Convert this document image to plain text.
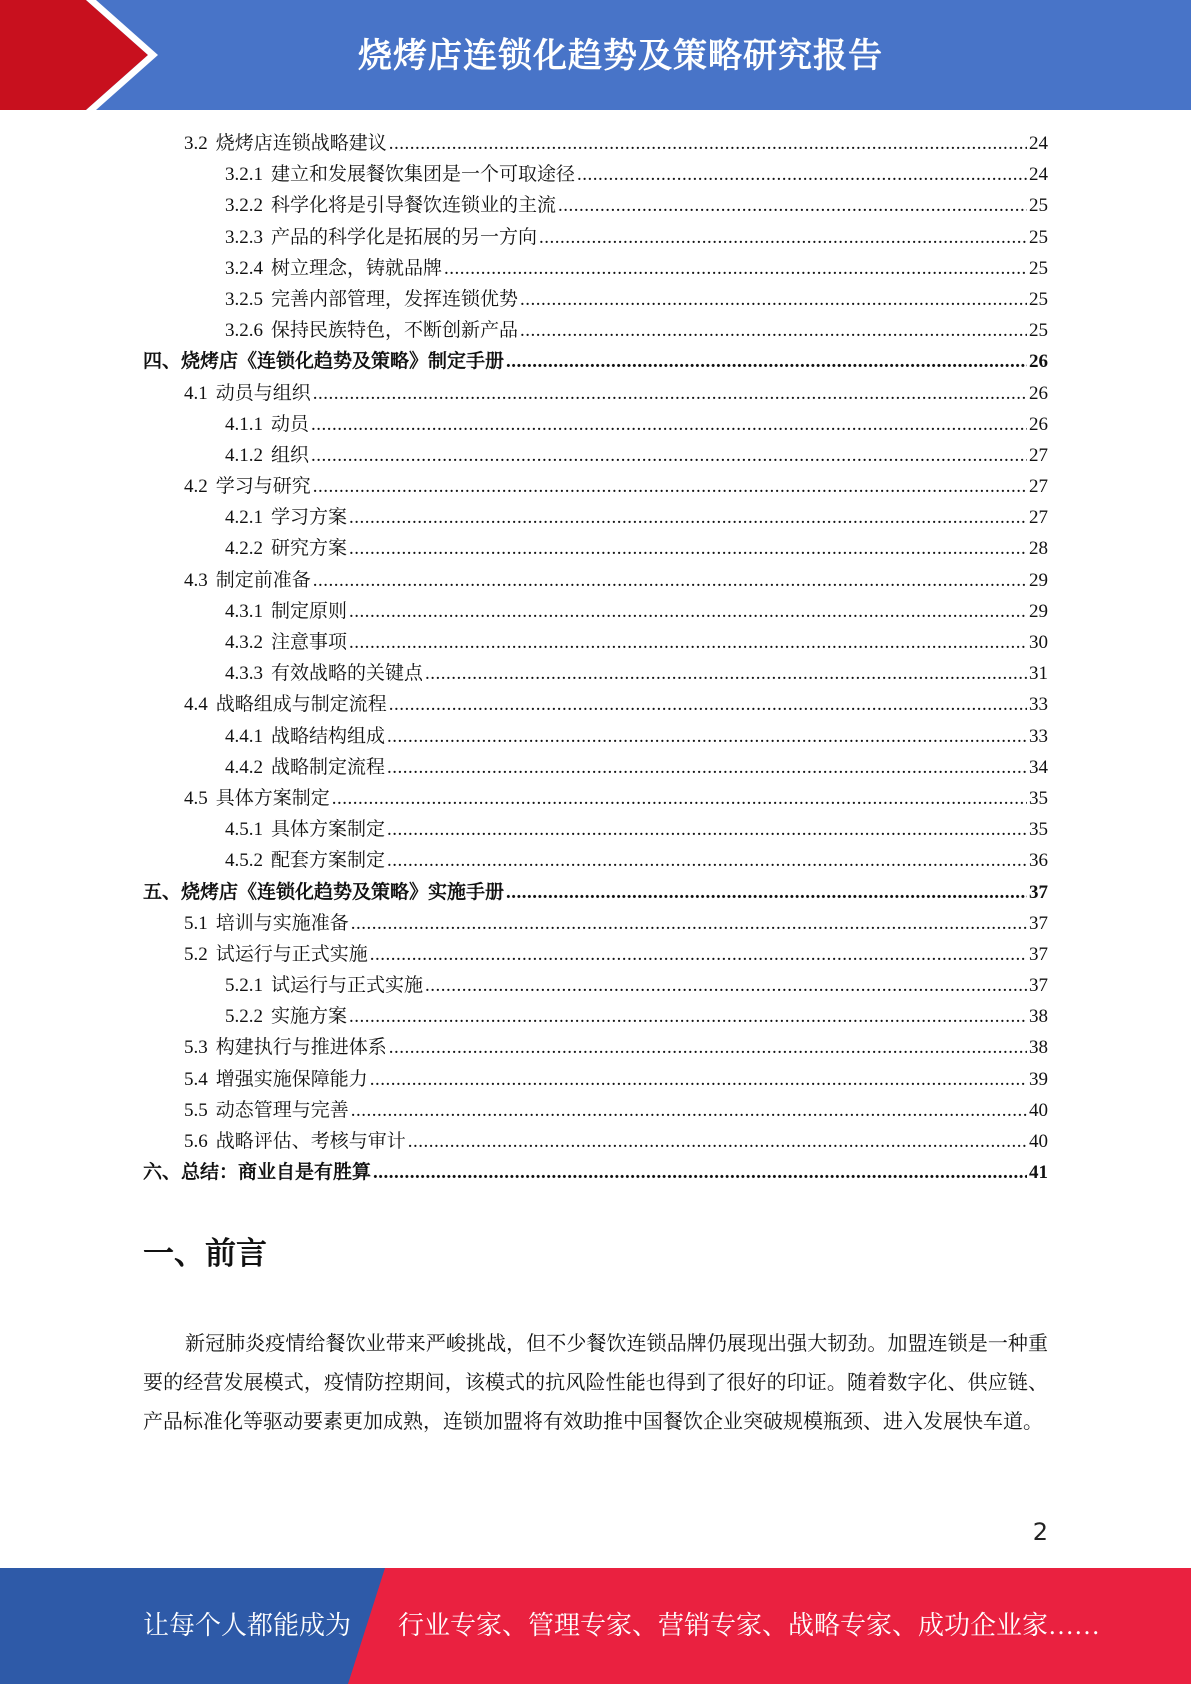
烧烤店连锁化趋势及策略研究报告
3.2 烧烤店连锁战略建议 .....	24
3.2.1 建立和发展餐饮集团是一个可取途径 .....	24
3.2.2 科学化将是引导餐饮连锁业的主流 .....	25
3.2.3 产品的科学化是拓展的另一方向 .....	25
3.2.4 树立理念，铸就品牌 .....	25
3.2.5 完善内部管理，发挥连锁优势 .....	25
3.2.6 保持民族特色，不断创新产品 .....	25
四、烧烤店《连锁化趋势及策略》制定手册 .....	26
4.1 动员与组织 .....	26
4.1.1 动员 .....	26
4.1.2 组织 .....	27
4.2 学习与研究 .....	27
4.2.1 学习方案 .....	27
4.2.2 研究方案 .....	28
4.3 制定前准备 .....	29
4.3.1 制定原则 .....	29
4.3.2 注意事项 .....	30
4.3.3 有效战略的关键点 .....	31
4.4 战略组成与制定流程 .....	33
4.4.1 战略结构组成 .....	33
4.4.2 战略制定流程 .....	34
4.5 具体方案制定 .....	35
4.5.1 具体方案制定 .....	35
4.5.2 配套方案制定 .....	36
五、烧烤店《连锁化趋势及策略》实施手册 .....	37
5.1 培训与实施准备 .....	37
5.2 试运行与正式实施 .....	37
5.2.1 试运行与正式实施 .....	37
5.2.2 实施方案 .....	38
5.3 构建执行与推进体系 .....	38
5.4 增强实施保障能力 .....	39
5.5 动态管理与完善 .....	40
5.6 战略评估、考核与审计 .....	40
六、总结：商业自是有胜算 .....	41
一、前言
新冠肺炎疫情给餐饮业带来严峻挑战，但不少餐饮连锁品牌仍展现出强大韧劲。加盟连锁是一种重要的经营发展模式，疫情防控期间，该模式的抗风险性能也得到了很好的印证。随着数字化、供应链、产品标准化等驱动要素更加成熟，连锁加盟将有效助推中国餐饮企业突破规模瓶颈、进入发展快车道。
2
让每个人都能成为 行业专家、管理专家、营销专家、战略专家、成功企业家……
